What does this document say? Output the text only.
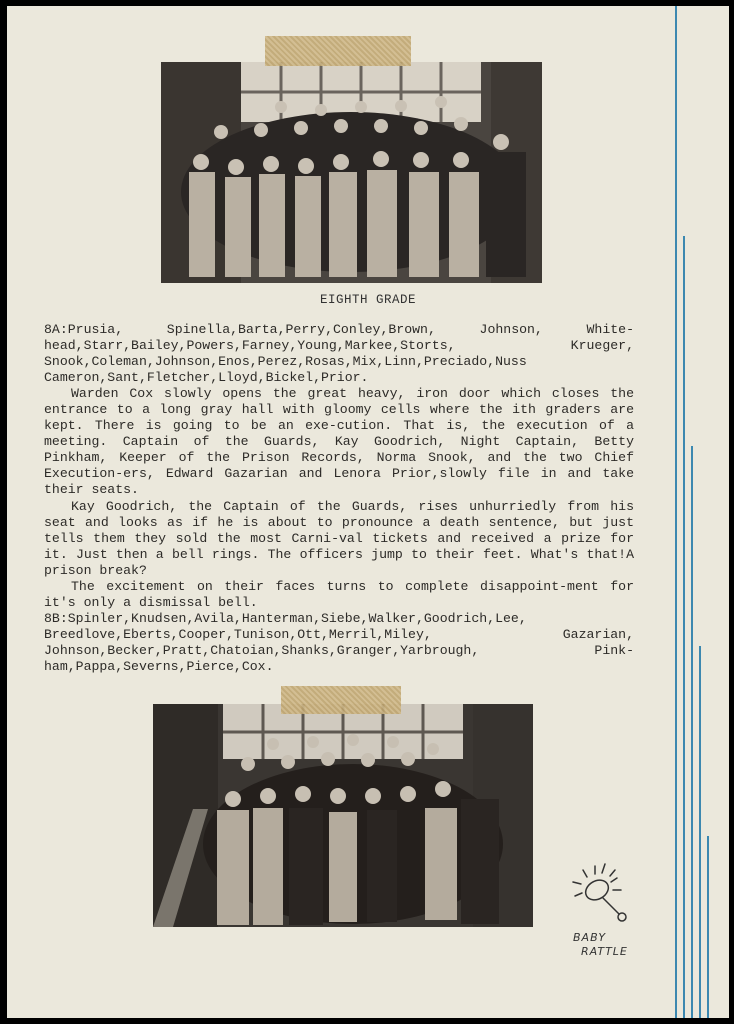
EIGHTH GRADE

8A:Prusia, Spinella,Barta,Perry,Conley,Brown, Johnson, White-head,Starr,Bailey,Powers,Farney,Young,Markee,Storts, Krueger, Snook,Coleman,Johnson,Enos,Perez,Rosas,Mix,Linn,Preciado,Nuss Cameron,Sant,Fletcher,Lloyd,Bickel,Prior.

Warden Cox slowly opens the great heavy, iron door which closes the entrance to a long gray hall with gloomy cells where the ith graders are kept. There is going to be an exe-cution. That is, the execution of a meeting. Captain of the Guards, Kay Goodrich, Night Captain, Betty Pinkham, Keeper of the Prison Records, Norma Snook, and the two Chief Execution-ers, Edward Gazarian and Lenora Prior,slowly file in and take their seats.

Kay Goodrich, the Captain of the Guards, rises unhurriedly from his seat and looks as if he is about to pronounce a death sentence, but just tells them they sold the most Carni-val tickets and received a prize for it. Just then a bell rings. The officers jump to their feet. What's that!A prison break?

The excitement on their faces turns to complete disappoint-ment for it's only a dismissal bell.

8B:Spinler,Knudsen,Avila,Hanterman,Siebe,Walker,Goodrich,Lee, Breedlove,Eberts,Cooper,Tunison,Ott,Merril,Miley, Gazarian, Johnson,Becker,Pratt,Chatoian,Shanks,Granger,Yarbrough, Pink-ham,Pappa,Severns,Pierce,Cox.

BABY
RATTLE
